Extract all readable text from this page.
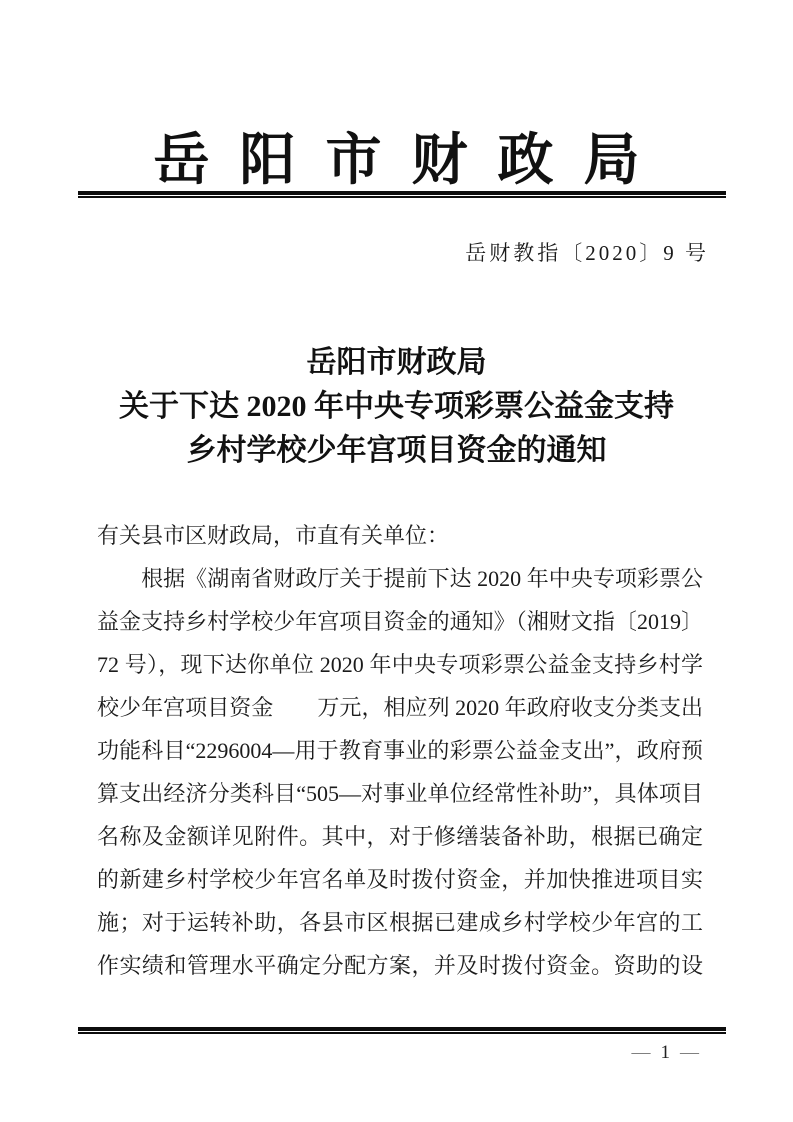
岳阳市财政局
岳财教指〔2020〕9 号
岳阳市财政局
关于下达 2020 年中央专项彩票公益金支持
乡村学校少年宫项目资金的通知
有关县市区财政局，市直有关单位：
　　根据《湖南省财政厅关于提前下达 2020 年中央专项彩票公
益金支持乡村学校少年宫项目资金的通知》（湘财文指〔2019〕
72 号），现下达你单位 2020 年中央专项彩票公益金支持乡村学
校少年宫项目资金　　万元，相应列 2020 年政府收支分类支出
功能科目“2296004—用于教育事业的彩票公益金支出”，政府预
算支出经济分类科目“505—对事业单位经常性补助”，具体项目
名称及金额详见附件。其中，对于修缮装备补助，根据已确定
的新建乡村学校少年宫名单及时拨付资金，并加快推进项目实
施；对于运转补助，各县市区根据已建成乡村学校少年宫的工
作实绩和管理水平确定分配方案，并及时拨付资金。资助的设
— 1 —
